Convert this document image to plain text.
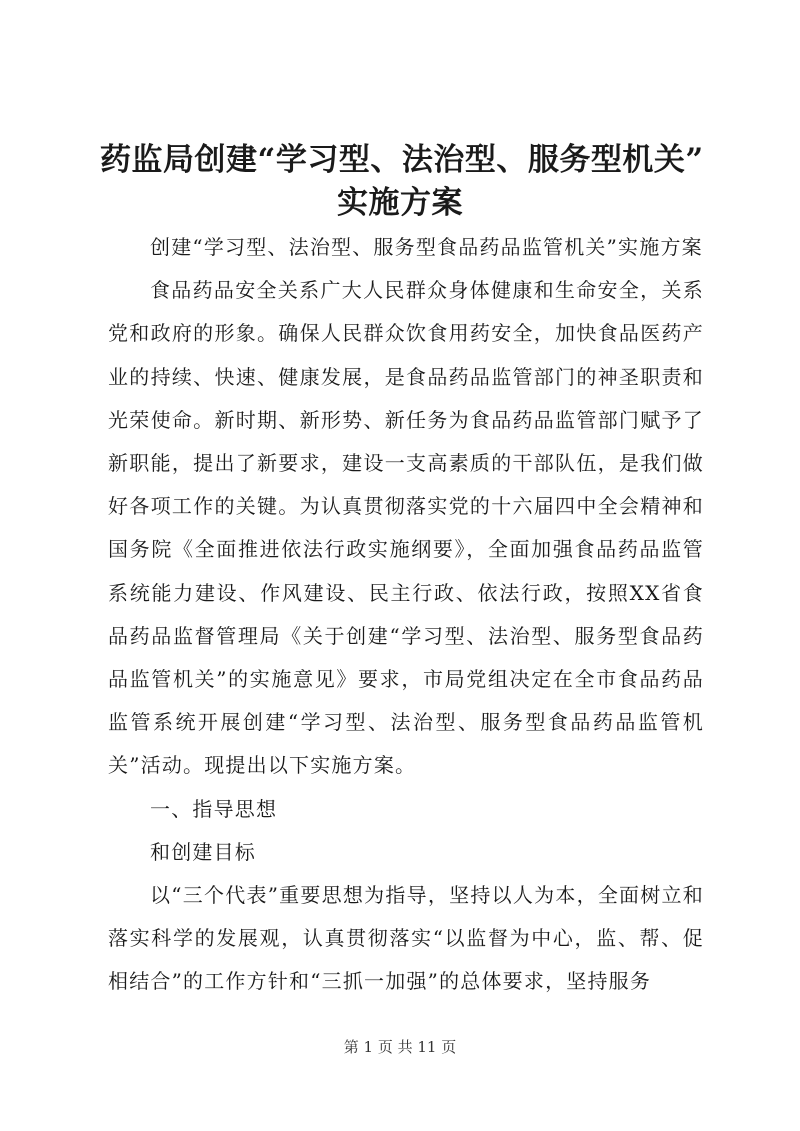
药监局创建“学习型、法治型、服务型机关”
实施方案

创建“学习型、法治型、服务型食品药品监管机关”实施方案

食品药品安全关系广大人民群众身体健康和生命安全，关系党和政府的形象。确保人民群众饮食用药安全，加快食品医药产业的持续、快速、健康发展，是食品药品监管部门的神圣职责和光荣使命。新时期、新形势、新任务为食品药品监管部门赋予了新职能，提出了新要求，建设一支高素质的干部队伍，是我们做好各项工作的关键。为认真贯彻落实党的十六届四中全会精神和国务院《全面推进依法行政实施纲要》，全面加强食品药品监管系统能力建设、作风建设、民主行政、依法行政，按照XX省食品药品监督管理局《关于创建“学习型、法治型、服务型食品药品监管机关”的实施意见》要求，市局党组决定在全市食品药品监管系统开展创建“学习型、法治型、服务型食品药品监管机关”活动。现提出以下实施方案。

一、指导思想

和创建目标

以“三个代表”重要思想为指导，坚持以人为本，全面树立和落实科学的发展观，认真贯彻落实“以监督为中心，监、帮、促相结合”的工作方针和“三抓一加强”的总体要求，坚持服务

第 1 页 共 11 页
